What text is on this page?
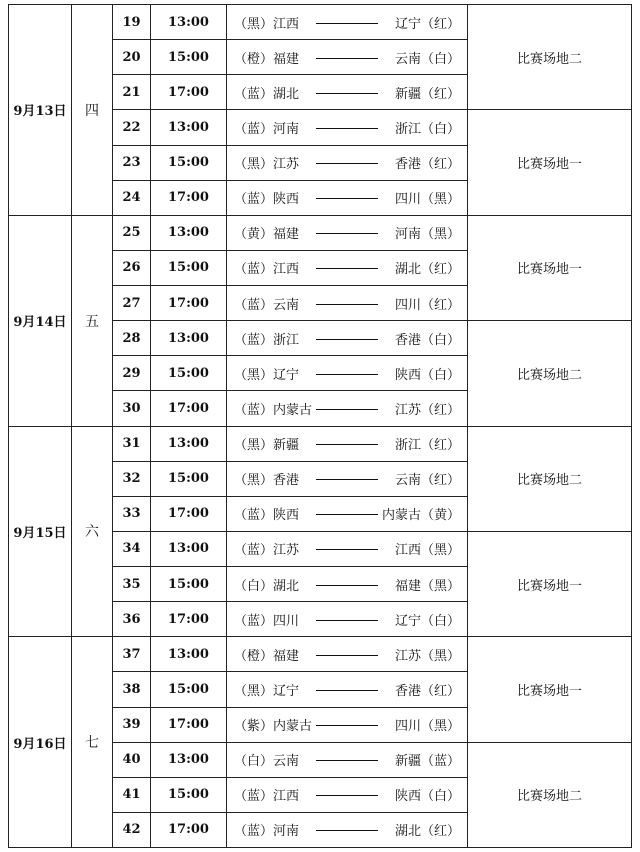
9月13日	四	19	13:00	（黑）江西 辽宁（红）	比赛场地二
		20	15:00	（橙）福建 云南（白）	

		21	17:00	（蓝）湖北 新疆（红）	

		22	13:00	（蓝）河南 浙江（白）	比赛场地一
		23	15:00	（黑）江苏 香港（红）	

		24	17:00	（蓝）陕西 四川（黑）	

9月14日	五	25	13:00	（黄）福建 河南（黑）	比赛场地一
		26	15:00	（蓝）江西 湖北（红）	

		27	17:00	（蓝）云南 四川（红）	

		28	13:00	（蓝）浙江 香港（白）	比赛场地二
		29	15:00	（黑）辽宁 陕西（白）	

		30	17:00	（蓝）内蒙古 江苏（红）	

9月15日	六	31	13:00	（黑）新疆 浙江（红）	比赛场地二
		32	15:00	（黑）香港 云南（红）	

		33	17:00	（蓝）陕西 内蒙古（黄）	

		34	13:00	（蓝）江苏 江西（黑）	比赛场地一
		35	15:00	（白）湖北 福建（黑）	

		36	17:00	（蓝）四川 辽宁（白）	

9月16日	七	37	13:00	（橙）福建 江苏（黑）	比赛场地一
		38	15:00	（黑）辽宁 香港（红）	

		39	17:00	（紫）内蒙古 四川（黑）	

		40	13:00	（白）云南 新疆（蓝）	比赛场地二
		41	15:00	（蓝）江西 陕西（白）	

		42	17:00	（蓝）河南 湖北（红）	
